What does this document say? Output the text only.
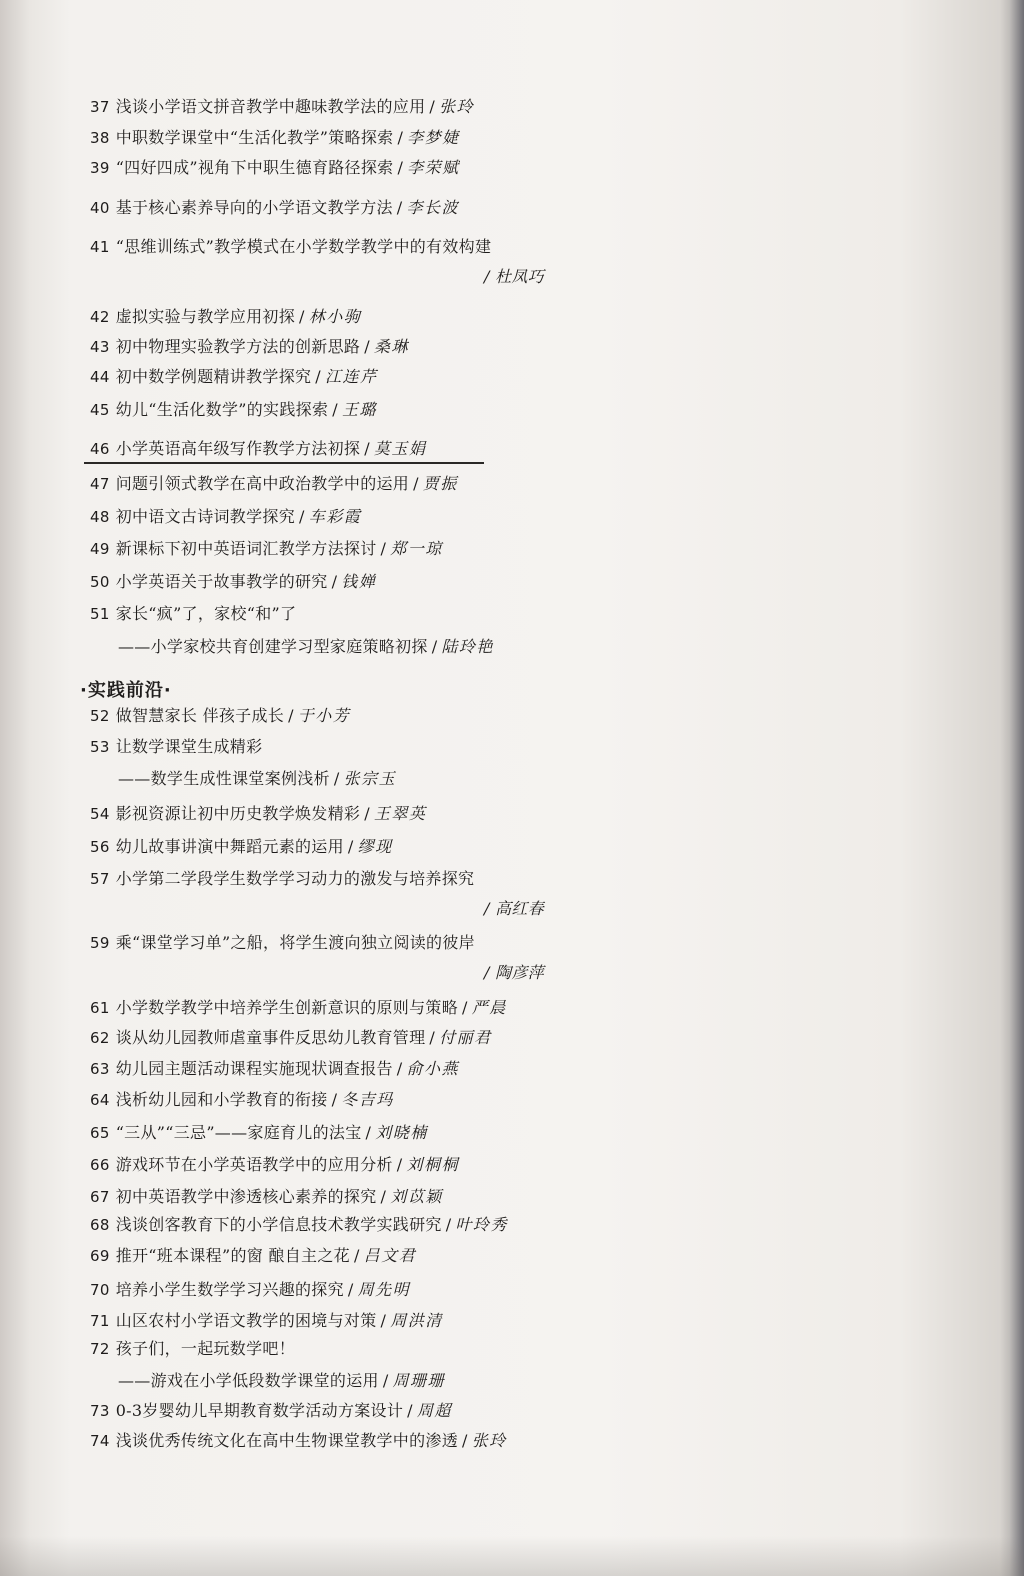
37 浅谈小学语文拼音教学中趣味教学法的应用 / 张玲
38 中职数学课堂中“生活化教学”策略探索 / 李梦婕
39 “四好四成”视角下中职生德育路径探索 / 李荣赋
40 基于核心素养导向的小学语文教学方法 / 李长波
41 “思维训练式”教学模式在小学数学教学中的有效构建
/ 杜凤巧
42 虚拟实验与教学应用初探 / 林小驹
43 初中物理实验教学方法的创新思路 / 桑琳
44 初中数学例题精讲教学探究 / 江连芹
45 幼儿“生活化数学”的实践探索 / 王璐
46 小学英语高年级写作教学方法初探 / 莫玉娟
47 问题引领式教学在高中政治教学中的运用 / 贾振
48 初中语文古诗词教学探究 / 车彩霞
49 新课标下初中英语词汇教学方法探讨 / 郑一琼
50 小学英语关于故事教学的研究 / 钱婵
51 家长“疯”了，家校“和”了
——小学家校共育创建学习型家庭策略初探 / 陆玲艳
52 做智慧家长 伴孩子成长 / 于小芳
53 让数学课堂生成精彩
——数学生成性课堂案例浅析 / 张宗玉
54 影视资源让初中历史教学焕发精彩 / 王翠英
56 幼儿故事讲演中舞蹈元素的运用 / 缪现
57 小学第二学段学生数学学习动力的激发与培养探究
/ 高红春
59 乘“课堂学习单”之船，将学生渡向独立阅读的彼岸
/ 陶彦萍
61 小学数学教学中培养学生创新意识的原则与策略 / 严晨
62 谈从幼儿园教师虐童事件反思幼儿教育管理 / 付丽君
63 幼儿园主题活动课程实施现状调查报告 / 俞小燕
64 浅析幼儿园和小学教育的衔接 / 冬吉玛
65 “三从”“三忌”——家庭育儿的法宝 / 刘晓楠
66 游戏环节在小学英语教学中的应用分析 / 刘桐桐
67 初中英语教学中渗透核心素养的探究 / 刘苡颖
68 浅谈创客教育下的小学信息技术教学实践研究 / 叶玲秀
69 推开“班本课程”的窗 酿自主之花 / 吕文君
70 培养小学生数学学习兴趣的探究 / 周先明
71 山区农村小学语文教学的困境与对策 / 周洪清
72 孩子们，一起玩数学吧！
——游戏在小学低段数学课堂的运用 / 周珊珊
73 0-3岁婴幼儿早期教育数学活动方案设计 / 周超
74 浅谈优秀传统文化在高中生物课堂教学中的渗透 / 张玲
·实践前沿·
